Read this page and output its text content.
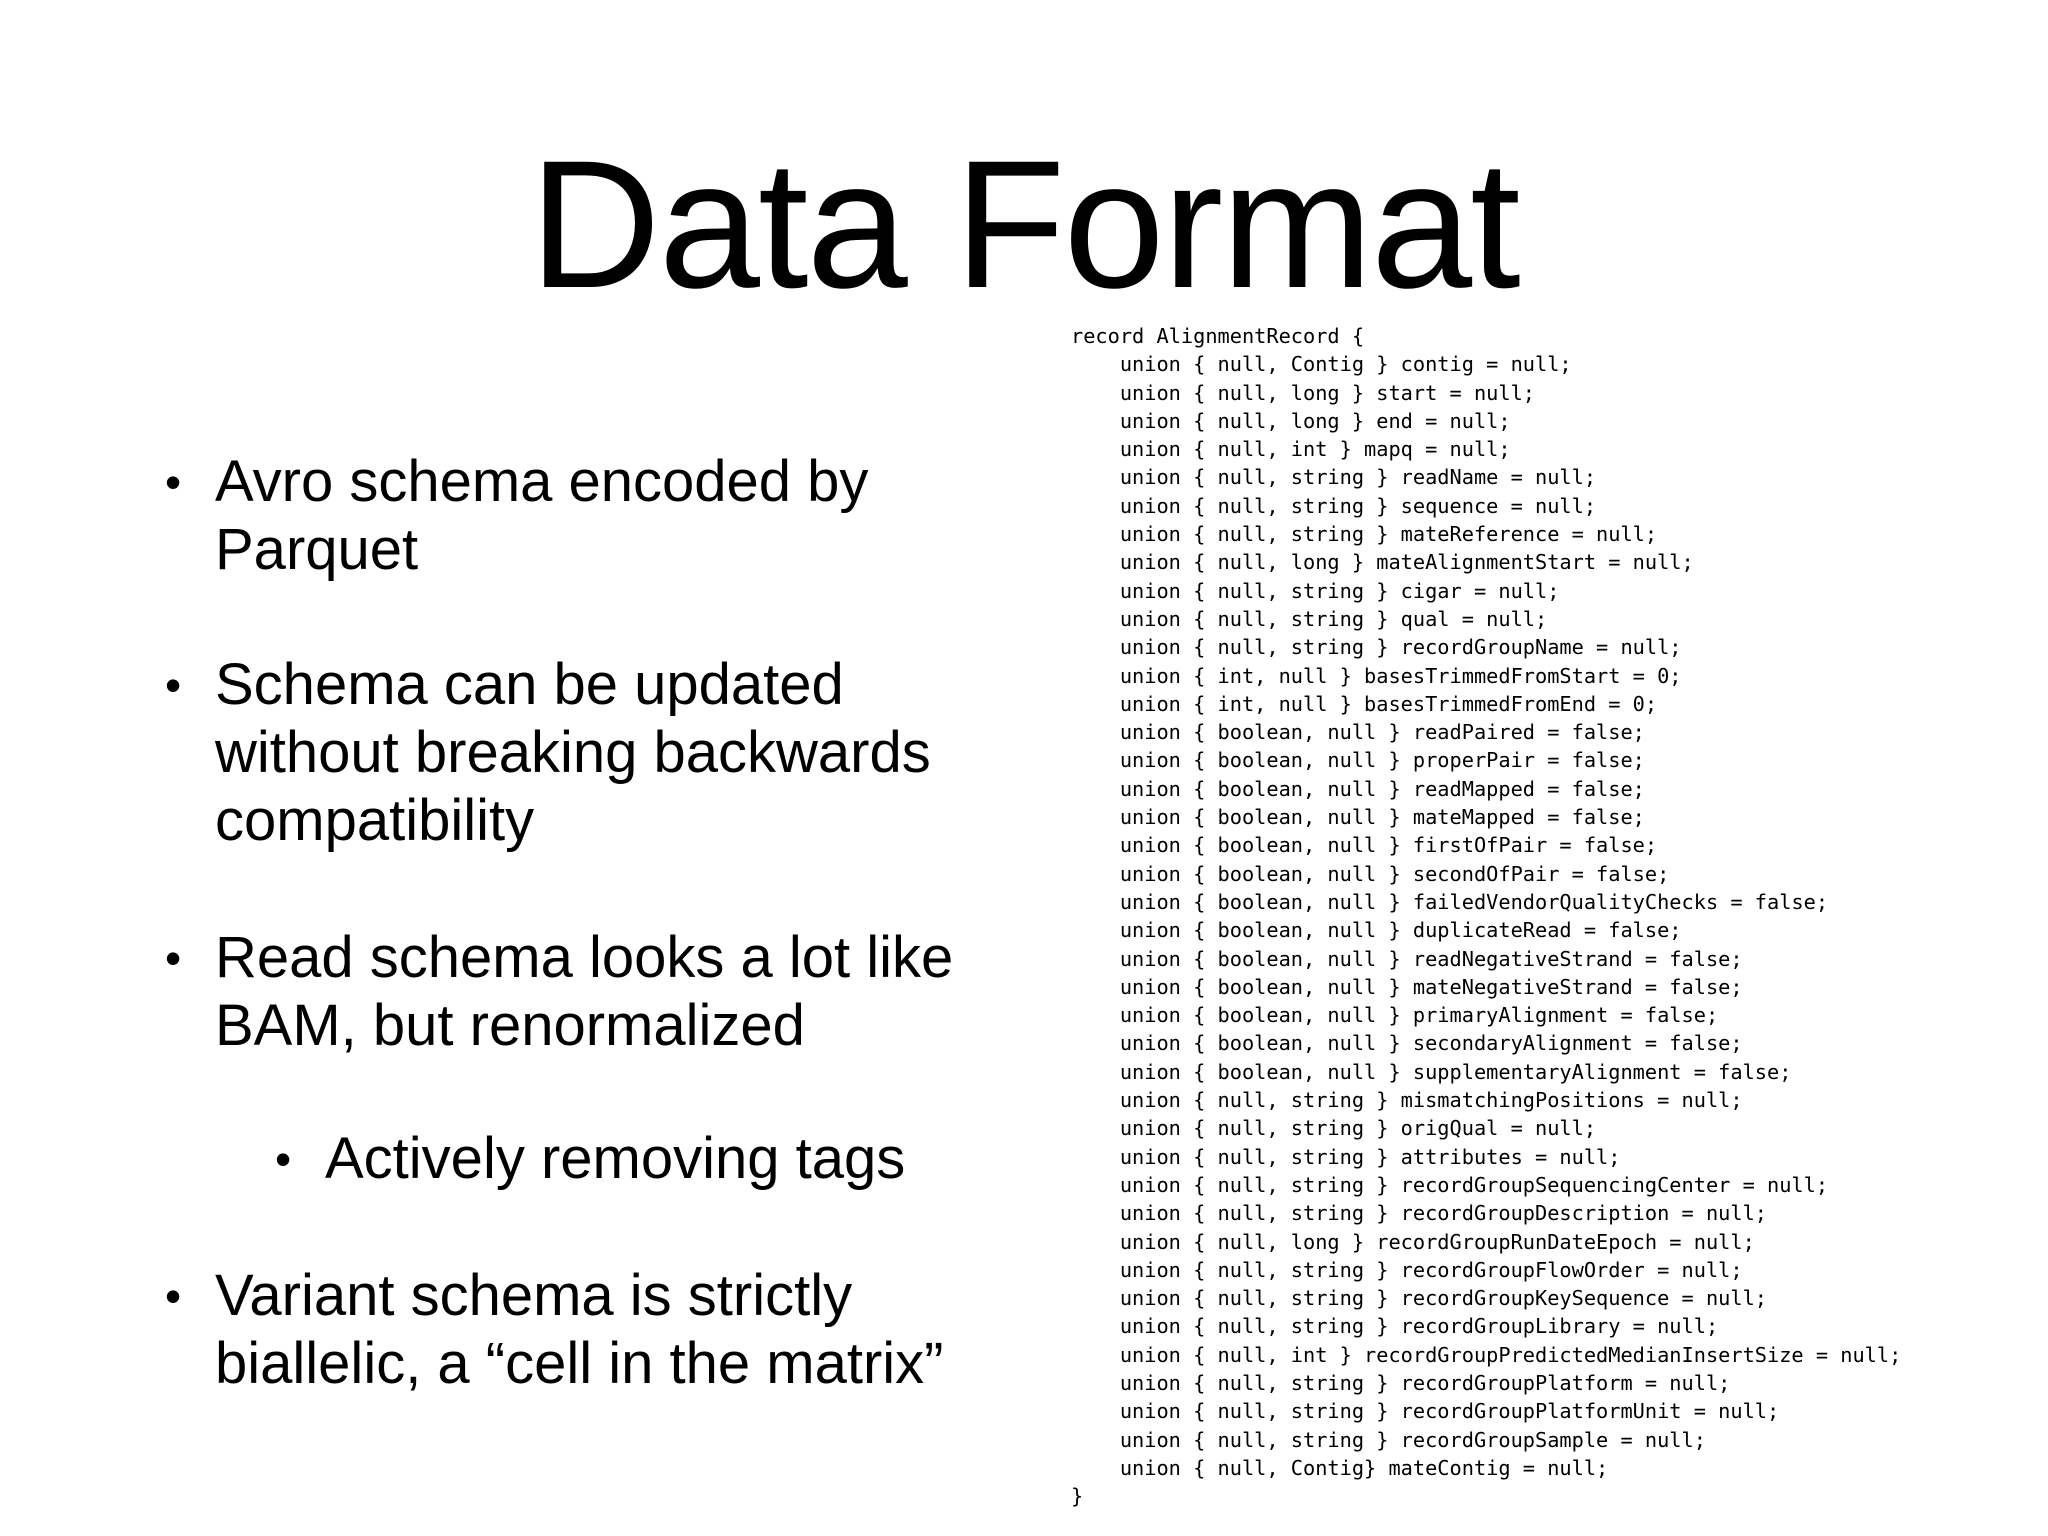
Data Format
• Avro schema encoded by Parquet
• Schema can be updated without breaking backwards compatibility
• Read schema looks a lot like BAM, but renormalized
• Actively removing tags
• Variant schema is strictly biallelic, a “cell in the matrix”
record AlignmentRecord {
union { null, Contig } contig = null;
union { null, long } start = null;
union { null, long } end = null;
union { null, int } mapq = null;
union { null, string } readName = null;
union { null, string } sequence = null;
union { null, string } mateReference = null;
union { null, long } mateAlignmentStart = null;
union { null, string } cigar = null;
union { null, string } qual = null;
union { null, string } recordGroupName = null;
union { int, null } basesTrimmedFromStart = 0;
union { int, null } basesTrimmedFromEnd = 0;
union { boolean, null } readPaired = false;
union { boolean, null } properPair = false;
union { boolean, null } readMapped = false;
union { boolean, null } mateMapped = false;
union { boolean, null } firstOfPair = false;
union { boolean, null } secondOfPair = false;
union { boolean, null } failedVendorQualityChecks = false;
union { boolean, null } duplicateRead = false;
union { boolean, null } readNegativeStrand = false;
union { boolean, null } mateNegativeStrand = false;
union { boolean, null } primaryAlignment = false;
union { boolean, null } secondaryAlignment = false;
union { boolean, null } supplementaryAlignment = false;
union { null, string } mismatchingPositions = null;
union { null, string } origQual = null;
union { null, string } attributes = null;
union { null, string } recordGroupSequencingCenter = null;
union { null, string } recordGroupDescription = null;
union { null, long } recordGroupRunDateEpoch = null;
union { null, string } recordGroupFlowOrder = null;
union { null, string } recordGroupKeySequence = null;
union { null, string } recordGroupLibrary = null;
union { null, int } recordGroupPredictedMedianInsertSize = null;
union { null, string } recordGroupPlatform = null;
union { null, string } recordGroupPlatformUnit = null;
union { null, string } recordGroupSample = null;
union { null, Contig} mateContig = null;
}
